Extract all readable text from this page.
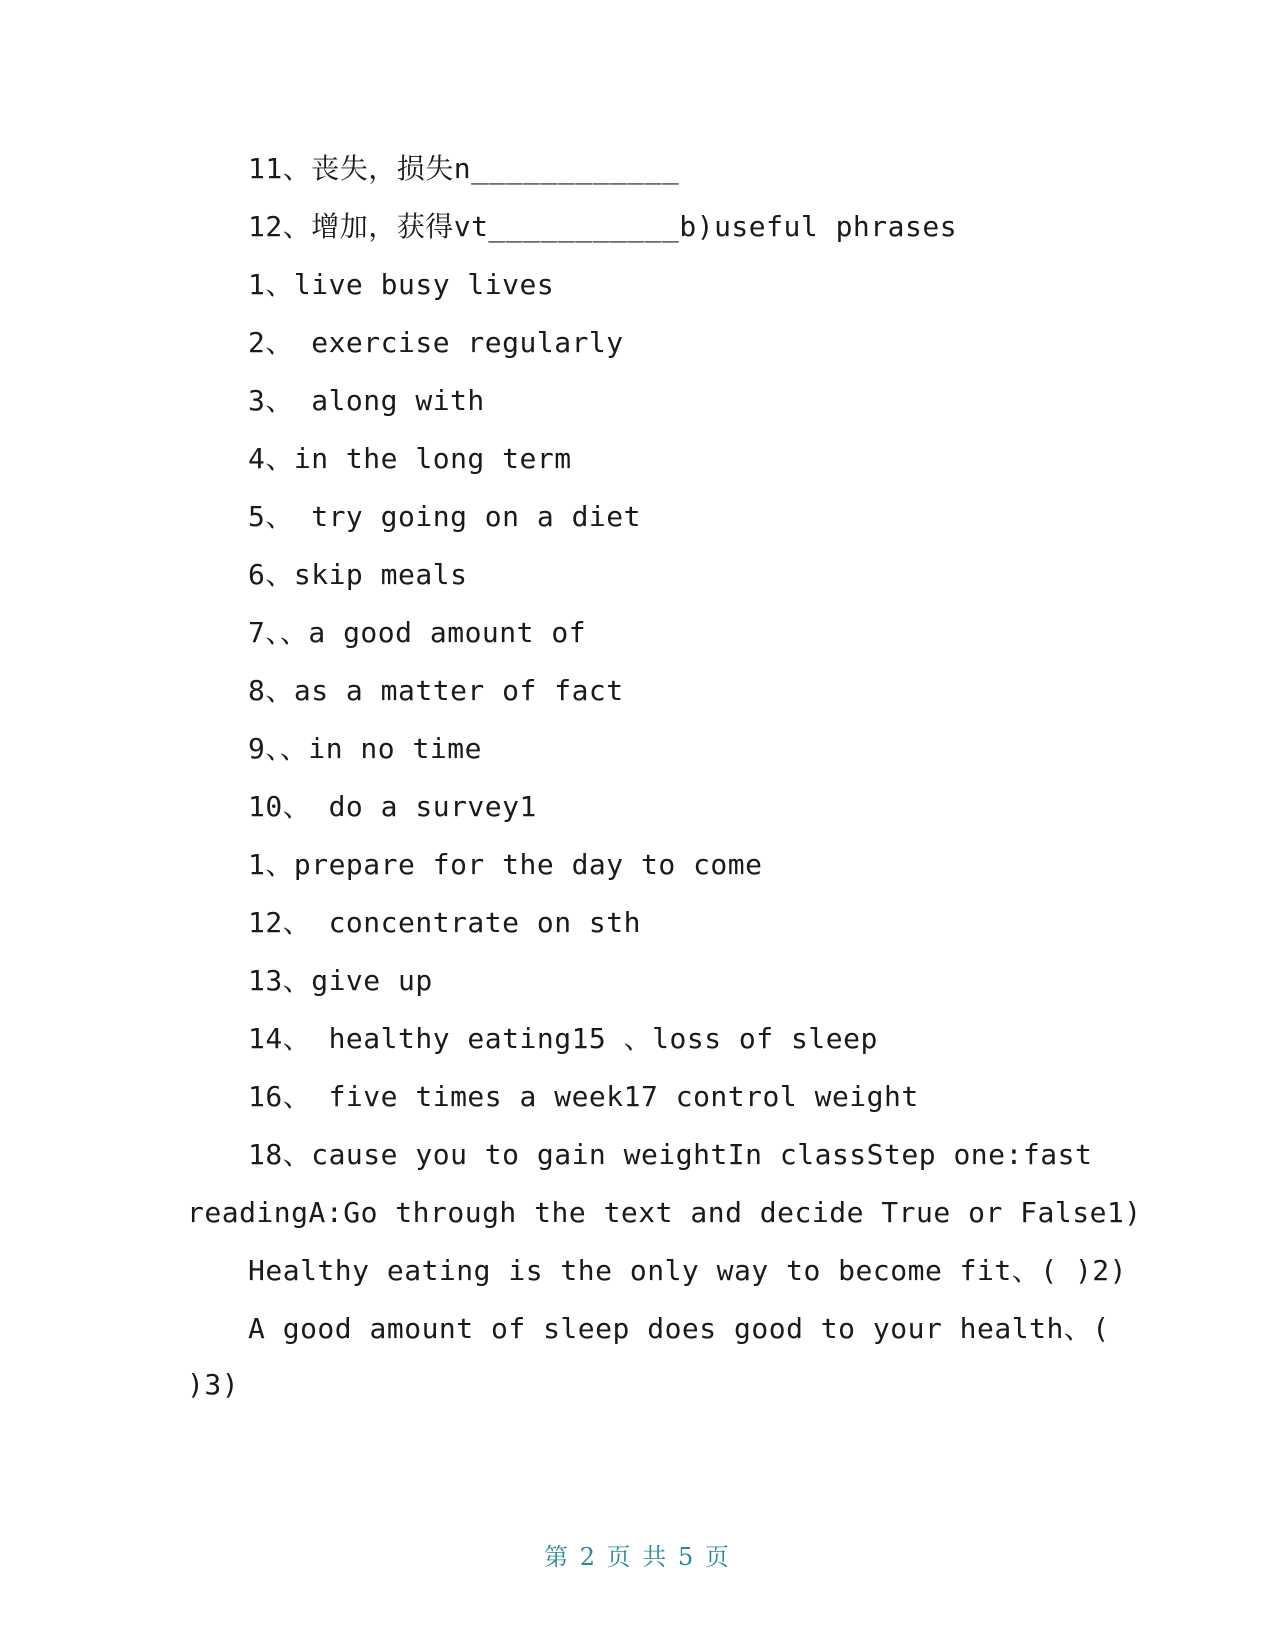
11、丧失，损失n____________
12、增加，获得vt___________b)useful phrases
1、live busy lives
2、 exercise regularly
3、 along with
4、in the long term
5、 try going on a diet
6、skip meals
7、、a good amount of
8、as a matter of fact
9、、in no time
10、 do a survey1
1、prepare for the day to come
12、 concentrate on sth
13、give up
14、 healthy eating15 、loss of sleep
16、 five times a week17 control weight
18、cause you to gain weightIn classStep one:fast
readingA:Go through the text and decide True or False1)
Healthy eating is the only way to become fit、( )2)
A good amount of sleep does good to your health、(
)3)
第 2 页 共 5 页
